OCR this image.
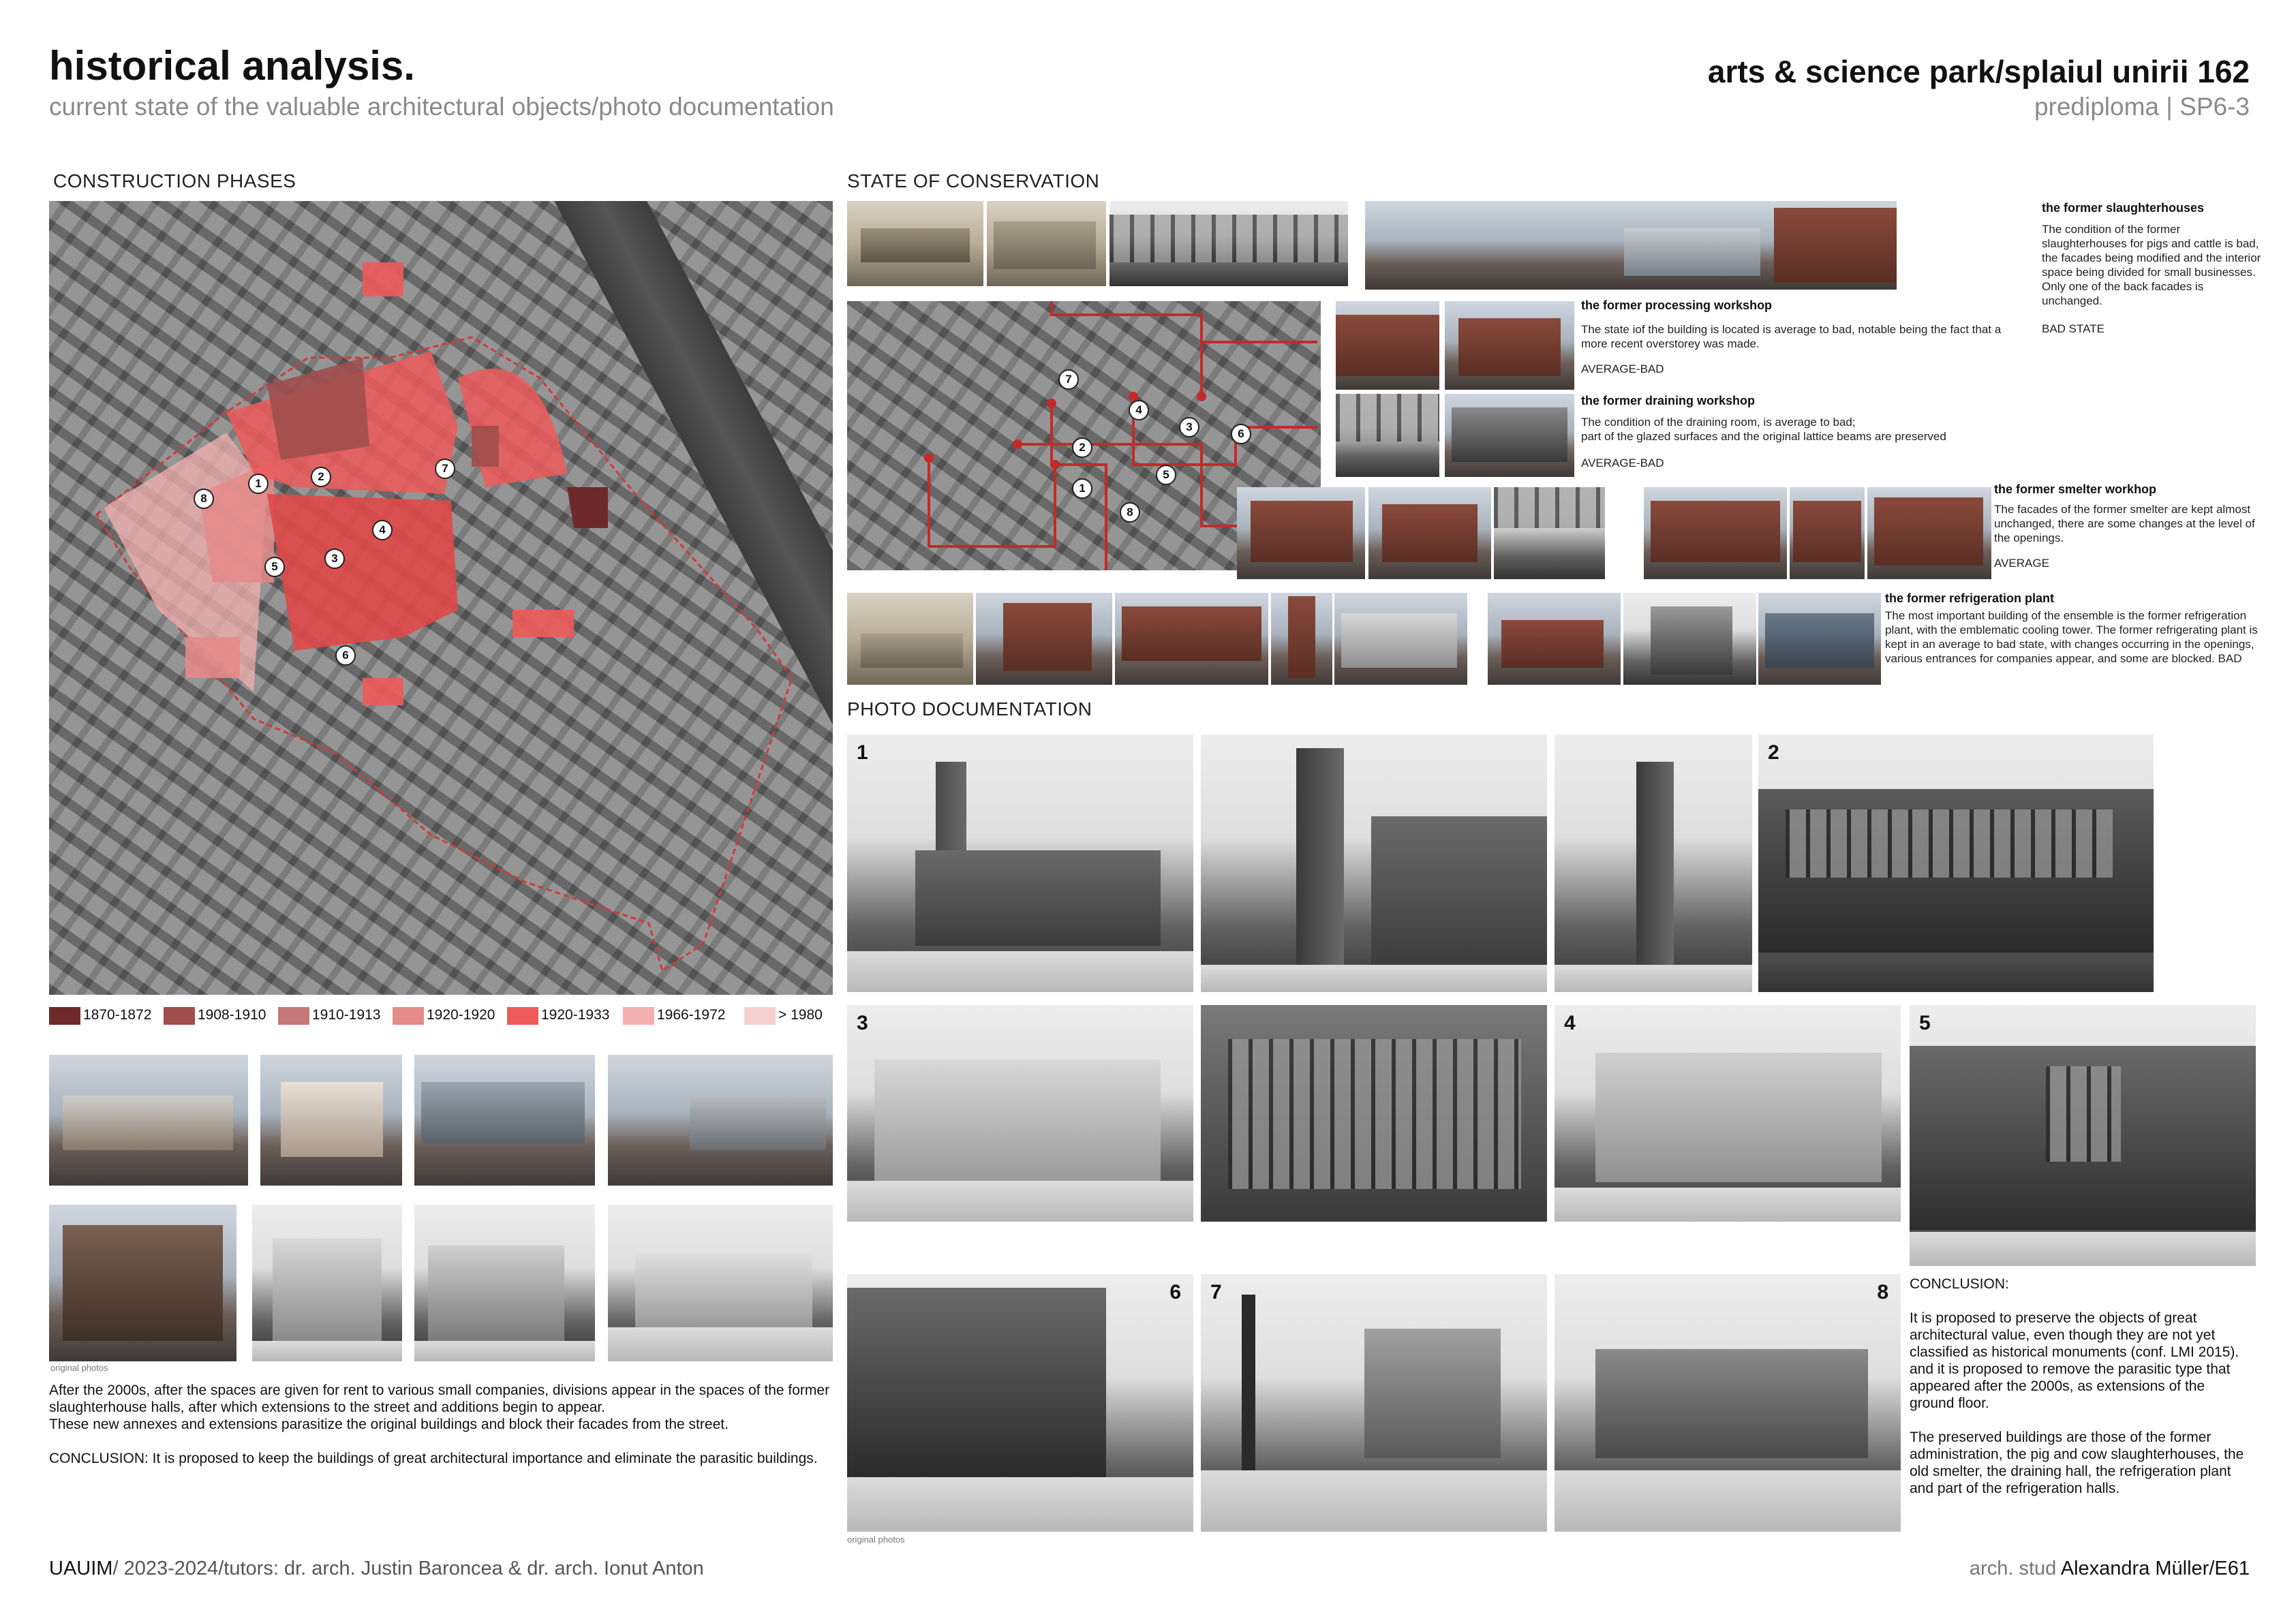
historical analysis.
current state of the valuable architectural objects/photo documentation
arts & science park/splaiul unirii 162
prediploma | SP6-3
CONSTRUCTION PHASES	STATE OF CONSERVATION
PHOTO DOCUMENTATION
1
2
3
4
5
6
7
8
1870-1872	1908-1910	1910-1913	1920-1920	1920-1933	1966-1972	> 1980
original photos
After the 2000s, after the spaces are given for rent to various small companies, divisions appear in the spaces of the former slaughterhouse halls, after which extensions to the street and additions begin to appear.
These new annexes and extensions parasitize the original buildings and block their facades from the street.
CONCLUSION: It is proposed to keep the buildings of great architectural importance and eliminate the parasitic buildings.
the former slaughterhouses
The condition of the former slaughterhouses for pigs and cattle is bad, the facades being modified and the interior space being divided for small businesses. Only one of the back facades is unchanged.
BAD STATE
7
4
3
6
2
1
5
8
the former processing workshop
The state iof the building is located is average to bad, notable being the fact that a more recent overstorey was made.
AVERAGE-BAD
the former draining workshop
The condition of the draining room, is average to bad;
part of the glazed surfaces and the original lattice beams are preserved
AVERAGE-BAD
the former smelter workhop
The facades of the former smelter are kept almost unchanged, there are some changes at the level of the openings.
AVERAGE
the former refrigeration plant
The most important building of the ensemble is the former refrigeration plant, with the emblematic cooling tower. The former refrigerating plant is kept in an average to bad state, with changes occurring in the openings, various entrances for companies appear, and some are blocked. BAD
1	2
3	4	5
6 7	8
original photos
CONCLUSION:
It is proposed to preserve the objects of great architectural value, even though they are not yet classified as historical monuments (conf. LMI 2015). and it is proposed to remove the parasitic type that appeared after the 2000s, as extensions of the ground floor.
The preserved buildings are those of the former administration, the pig and cow slaughterhouses, the old smelter, the draining hall, the refrigeration plant and part of the refrigeration halls.
UAUIM/ 2023-2024/tutors: dr. arch. Justin Baroncea & dr. arch. Ionut Anton	arch. stud Alexandra Müller/E61
